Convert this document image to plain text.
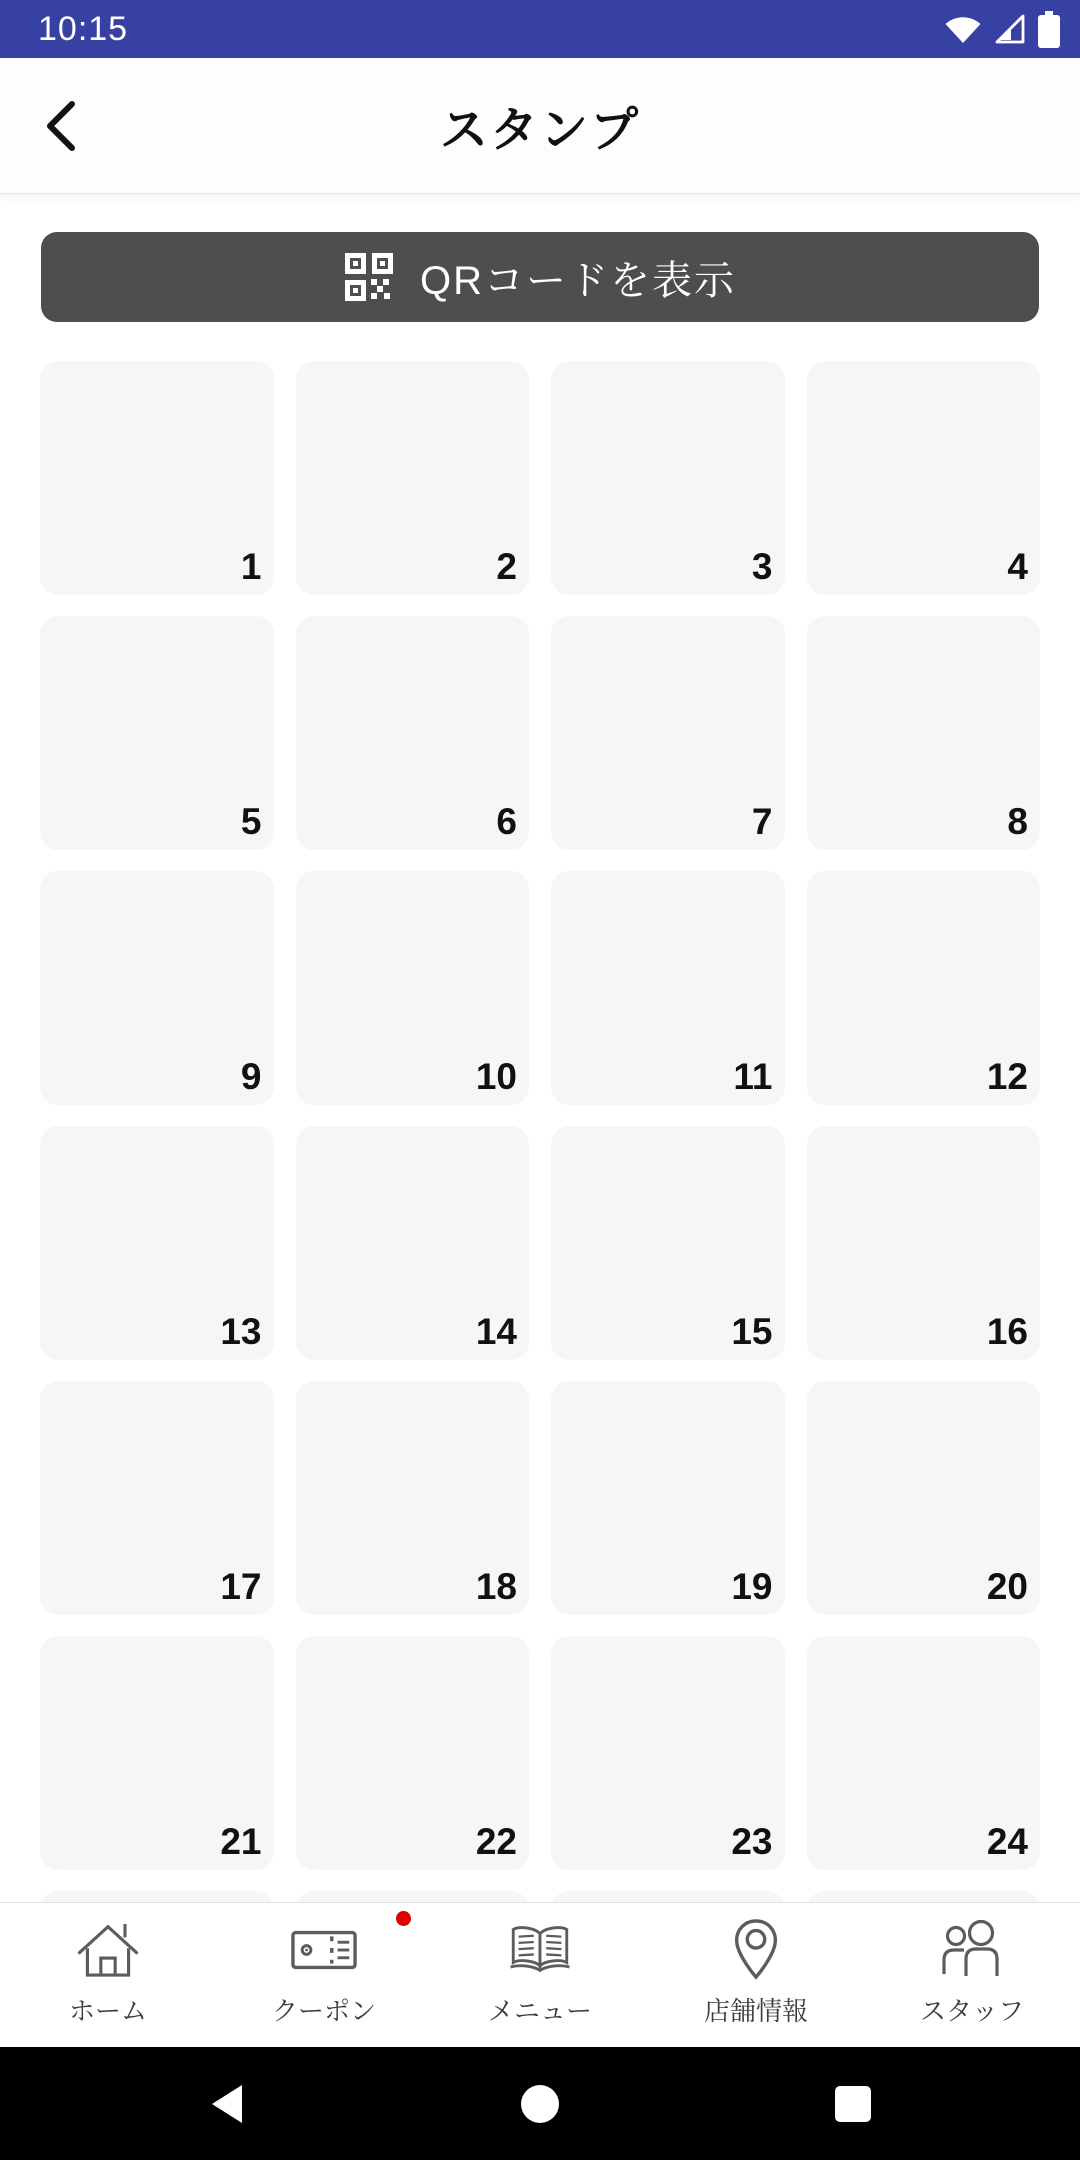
10:15
スタンプ
QRコードを表示
1	2	3	4
5	6	7	8
9	10	11	12
13	14	15	16
17	18	19	20
21	22	23	24
ホーム	クーポン	メニュー	店舗情報	スタッフ
